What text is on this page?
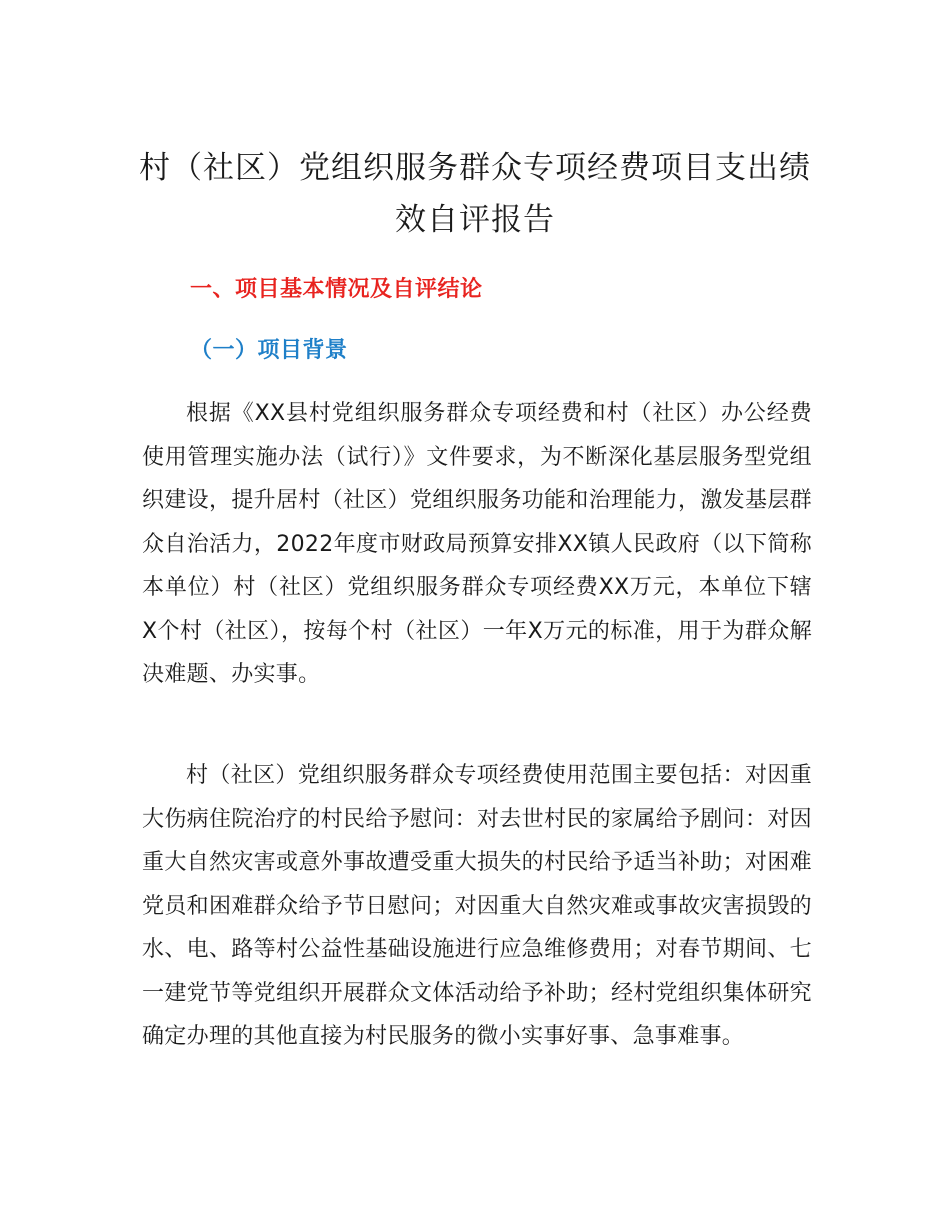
村（社区）党组织服务群众专项经费项目支出绩效自评报告
一、项目基本情况及自评结论
（一）项目背景

根据《XX县村党组织服务群众专项经费和村（社区）办公经费使用管理实施办法（试行）》文件要求，为不断深化基层服务型党组织建设，提升居村（社区）党组织服务功能和治理能力，激发基层群众自治活力，2022年度市财政局预算安排XX镇人民政府（以下简称本单位）村（社区）党组织服务群众专项经费XX万元，本单位下辖X个村（社区），按每个村（社区）一年X万元的标准，用于为群众解决难题、办实事。

村（社区）党组织服务群众专项经费使用范围主要包括：对因重大伤病住院治疗的村民给予慰问：对去世村民的家属给予剧问：对因重大自然灾害或意外事故遭受重大损失的村民给予适当补助；对困难党员和困难群众给予节日慰问；对因重大自然灾难或事故灾害损毁的水、电、路等村公益性基础设施进行应急维修费用；对春节期间、七一建党节等党组织开展群众文体活动给予补助；经村党组织集体研究确定办理的其他直接为村民服务的微小实事好事、急事难事。
